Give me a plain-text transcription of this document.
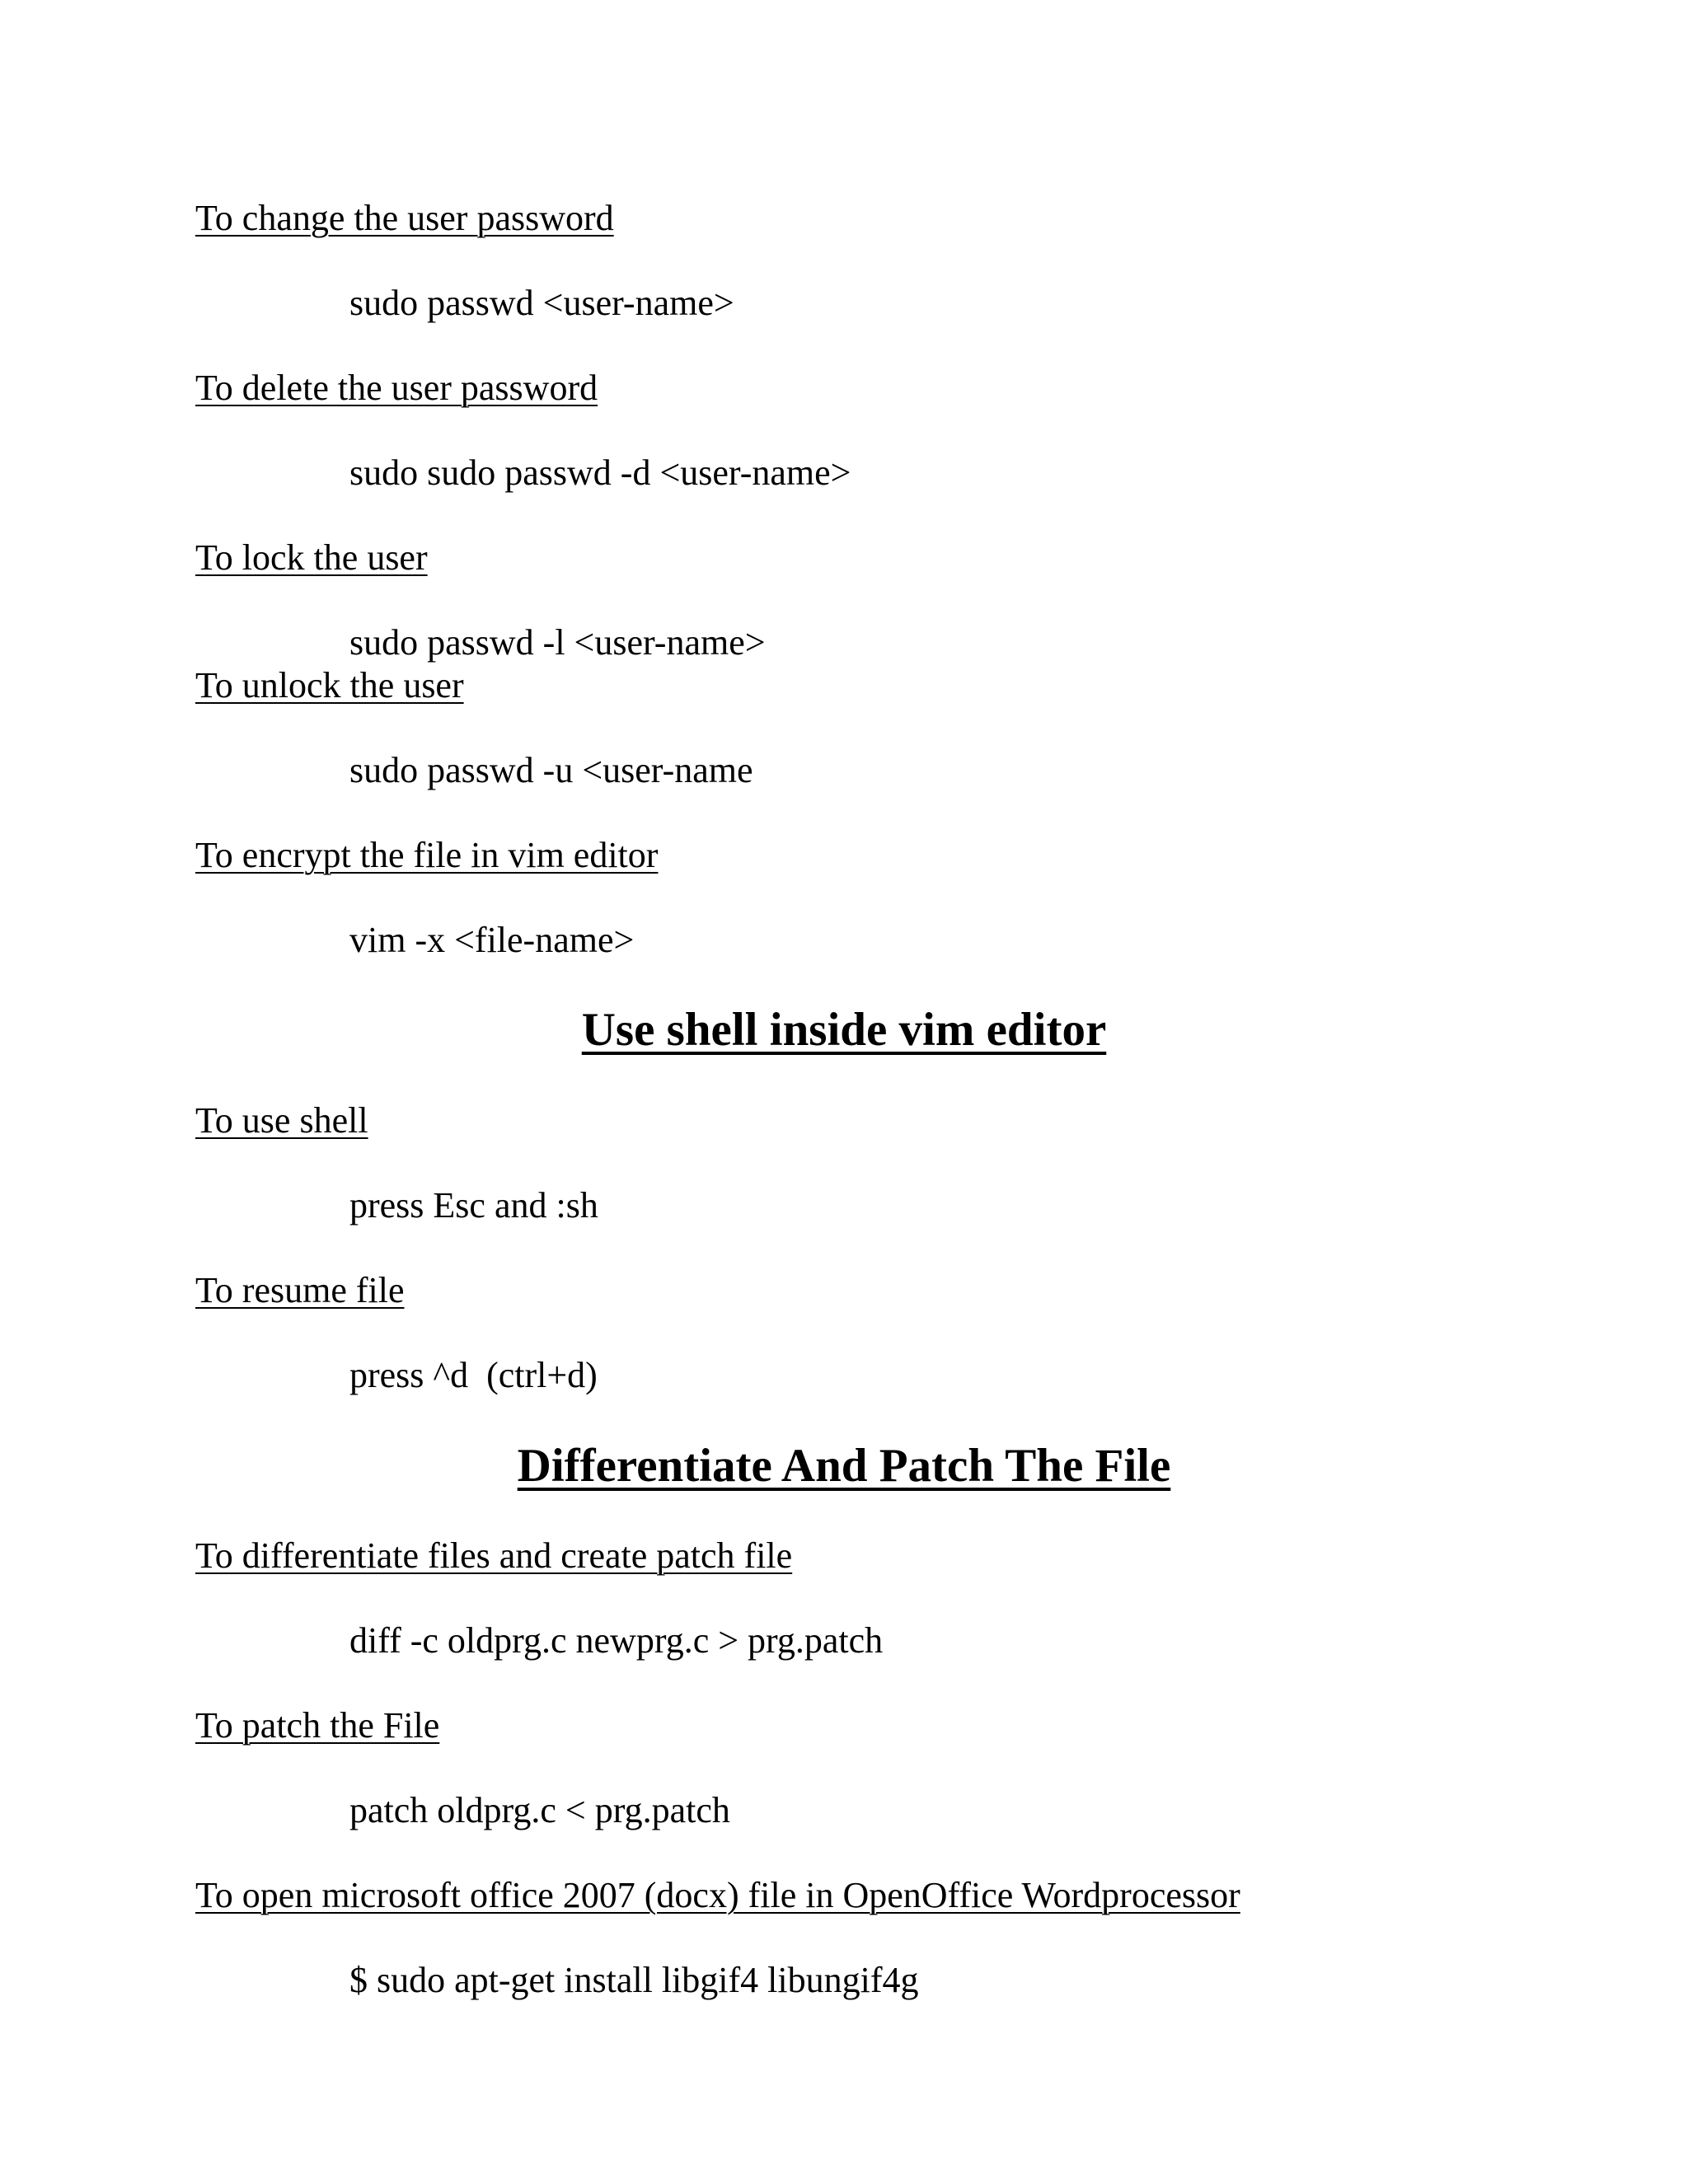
To change the user password
sudo passwd <user-name>
To delete the user password
sudo sudo passwd -d <user-name>
To lock the user
sudo passwd -l <user-name>
To unlock the user
sudo passwd -u <user-name
To encrypt the file in vim editor
vim -x <file-name>
Use shell inside vim editor
To use shell
press Esc and :sh
To resume file
press ^d  (ctrl+d)
Differentiate And Patch The File
To differentiate files and create patch file
diff -c oldprg.c newprg.c > prg.patch
To patch the File
patch oldprg.c < prg.patch
To open microsoft office 2007 (docx) file in OpenOffice Wordprocessor
$ sudo apt-get install libgif4 libungif4g
